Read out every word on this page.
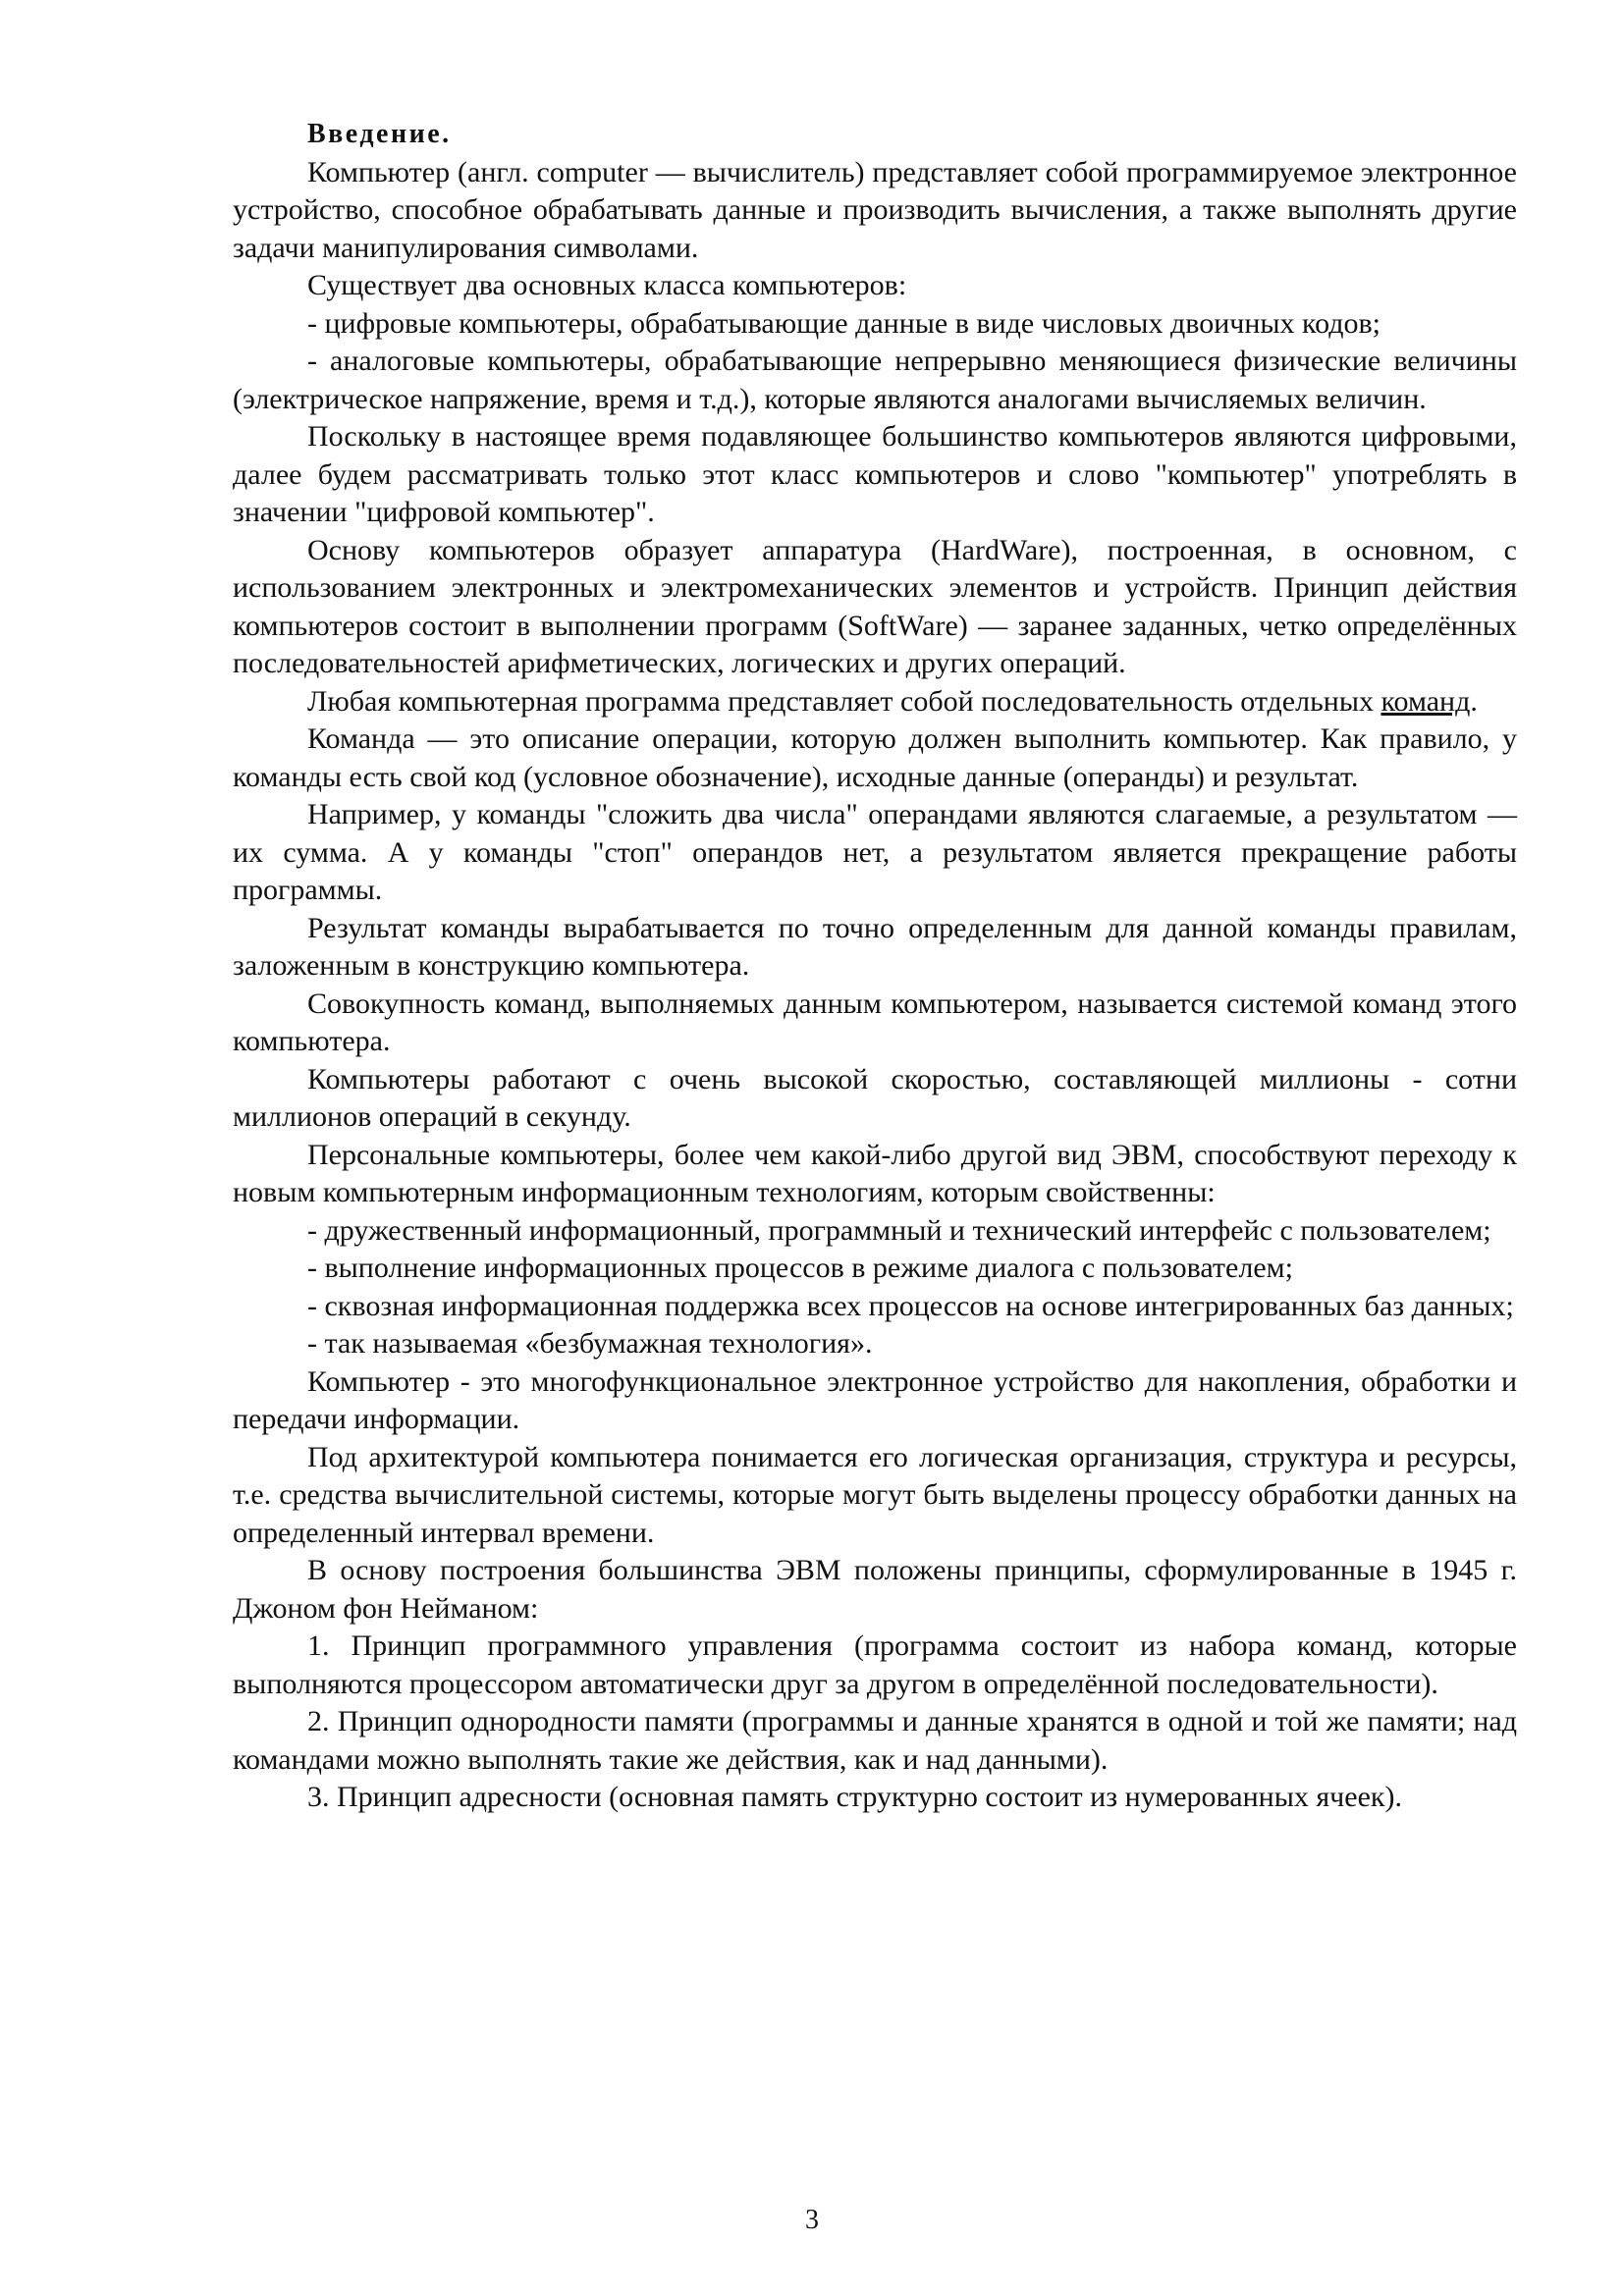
Введение.

Компьютер (англ. computer — вычислитель) представляет собой программируемое электронное устройство, способное обрабатывать данные и производить вычисления, а также выполнять другие задачи манипулирования символами.

Существует два основных класса компьютеров:

- цифровые компьютеры, обрабатывающие данные в виде числовых двоичных кодов;

- аналоговые компьютеры, обрабатывающие непрерывно меняющиеся физические величины (электрическое напряжение, время и т.д.), которые являются аналогами вычисляемых величин.

Поскольку в настоящее время подавляющее большинство компьютеров являются цифровыми, далее будем рассматривать только этот класс компьютеров и слово "компьютер" употреблять в значении "цифровой компьютер".

Основу компьютеров образует аппаратура (HardWare), построенная, в основном, с использованием электронных и электромеханических элементов и устройств. Принцип действия компьютеров состоит в выполнении программ (SoftWare) — заранее заданных, четко определённых последовательностей арифметических, логических и других операций.

Любая компьютерная программа представляет собой последовательность отдельных команд.

Команда — это описание операции, которую должен выполнить компьютер. Как правило, у команды есть свой код (условное обозначение), исходные данные (операнды) и результат.

Например, у команды "сложить два числа" операндами являются слагаемые, а результатом — их сумма. А у команды "стоп" операндов нет, а результатом является прекращение работы программы.

Результат команды вырабатывается по точно определенным для данной команды правилам, заложенным в конструкцию компьютера.

Совокупность команд, выполняемых данным компьютером, называется системой команд этого компьютера.

Компьютеры работают с очень высокой скоростью, составляющей миллионы - сотни миллионов операций в секунду.

Персональные компьютеры, более чем какой-либо другой вид ЭВМ, способствуют переходу к новым компьютерным информационным технологиям, которым свойственны:

- дружественный информационный, программный и технический интерфейс с пользователем;

- выполнение информационных процессов в режиме диалога с пользователем;

- сквозная информационная поддержка всех процессов на основе интегрированных баз данных;

- так называемая «безбумажная технология».

Компьютер - это многофункциональное электронное устройство для накопления, обработки и передачи информации.

Под архитектурой компьютера понимается его логическая организация, структура и ресурсы, т.е. средства вычислительной системы, которые могут быть выделены процессу обработки данных на определенный интервал времени.

В основу построения большинства ЭВМ положены принципы, сформулированные в 1945 г. Джоном фон Нейманом:

1. Принцип программного управления (программа состоит из набора команд, которые выполняются процессором автоматически друг за другом в определённой последовательности).

2. Принцип однородности памяти (программы и данные хранятся в одной и той же памяти; над командами можно выполнять такие же действия, как и над данными).

3. Принцип адресности (основная память структурно состоит из нумерованных ячеек).

3
